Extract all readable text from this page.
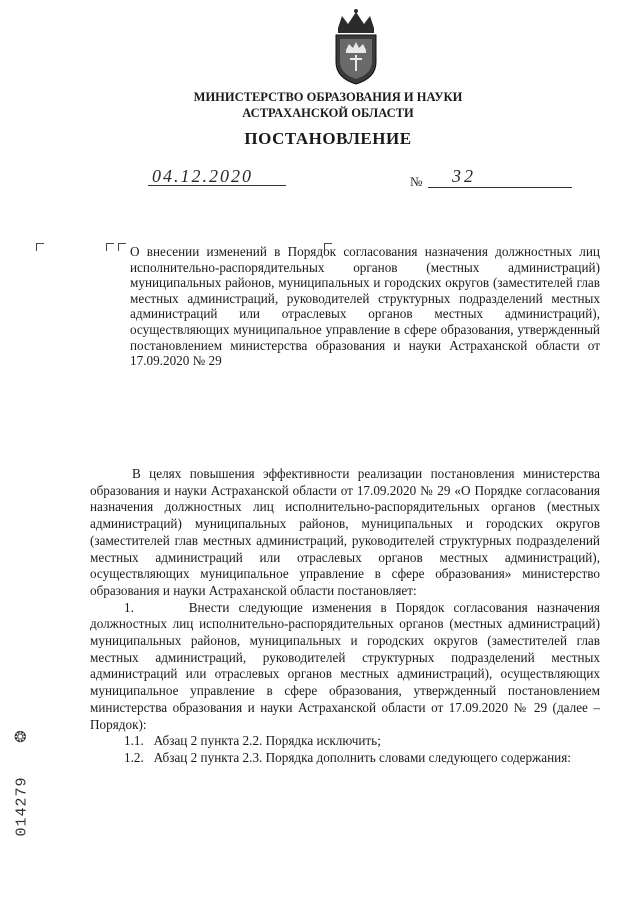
МИНИСТЕРСТВО ОБРАЗОВАНИЯ И НАУКИ
АСТРАХАНСКОЙ ОБЛАСТИ
ПОСТАНОВЛЕНИЕ
04.12.2020	№ 32
О внесении изменений в Порядок согласования назначения должностных лиц исполнительно-распорядительных органов (местных администраций) муниципальных районов, муниципальных и городских округов (заместителей глав местных администраций, руководителей структурных подразделений местных администраций или отраслевых органов местных администраций), осуществляющих муниципальное управление в сфере образования, утвержденный постановлением министерства образования и науки Астраханской области от 17.09.2020 № 29

В целях повышения эффективности реализации постановления министерства образования и науки Астраханской области от 17.09.2020 № 29 «О Порядке согласования назначения должностных лиц исполнительно-распорядительных органов (местных администраций) муниципальных районов, муниципальных и городских округов (заместителей глав местных администраций, руководителей структурных подразделений местных администраций или отраслевых органов местных администраций), осуществляющих муниципальное управление в сфере образования» министерство образования и науки Астраханской области постановляет:

1.      Внести следующие изменения в Порядок согласования назначения должностных лиц исполнительно-распорядительных органов (местных администраций) муниципальных районов, муниципальных и городских округов (заместителей глав местных администраций, руководителей структурных подразделений местных администраций или отраслевых органов местных администраций), осуществляющих муниципальное управление в сфере образования, утвержденный постановлением министерства образования и науки Астраханской области от 17.09.2020 № 29 (далее – Порядок):

1.1.   Абзац 2 пункта 2.2. Порядка исключить;

1.2.   Абзац 2 пункта 2.3. Порядка дополнить словами следующего содержания:

❂
014279
